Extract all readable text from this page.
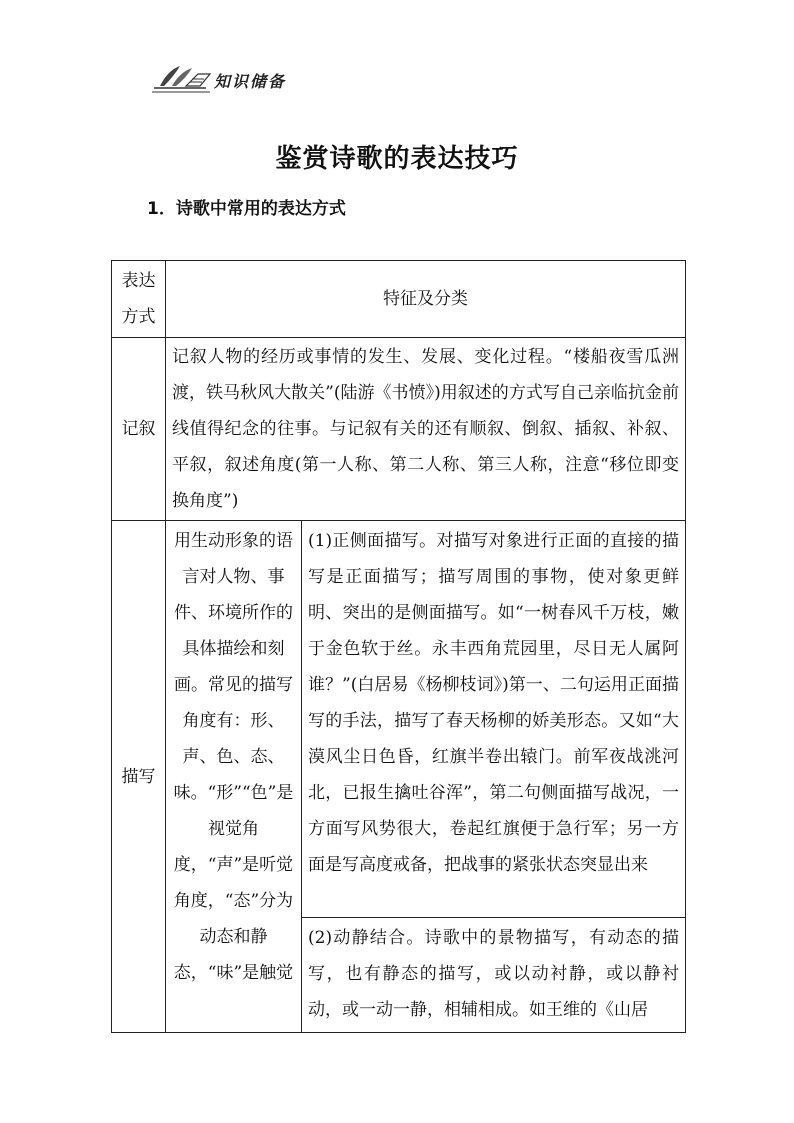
知识储备
鉴赏诗歌的表达技巧
1．诗歌中常用的表达方式
表达方式	特征及分类	
记叙	记叙人物的经历或事情的发生、发展、变化过程。“楼船夜雪瓜洲渡，铁马秋风大散关”(陆游《书愤》)用叙述的方式写自己亲临抗金前线值得纪念的往事。与记叙有关的还有顺叙、倒叙、插叙、补叙、平叙，叙述角度(第一人称、第二人称、第三人称，注意“移位即变换角度”)	
描写	用生动形象的语言对人物、事件、环境所作的具体描绘和刻画。常见的描写角度有：形、声、色、态、味。“形”“色”是视觉角度，“声”是听觉角度，“态”分为动态和静态，“味”是触觉	(1)正侧面描写。对描写对象进行正面的直接的描写是正面描写；描写周围的事物，使对象更鲜明、突出的是侧面描写。如“一树春风千万枝，嫩于金色软于丝。永丰西角荒园里，尽日无人属阿谁？”(白居易《杨柳枝词》)第一、二句运用正面描写的手法，描写了春天杨柳的娇美形态。又如“大漠风尘日色昏，红旗半卷出辕门。前军夜战洮河北，已报生擒吐谷浑”，第二句侧面描写战况，一方面写风势很大，卷起红旗便于急行军；另一方面是写高度戒备，把战事的紧张状态突显出来
		(2)动静结合。诗歌中的景物描写，有动态的描写，也有静态的描写，或以动衬静，或以静衬动，或一动一静，相辅相成。如王维的《山居
